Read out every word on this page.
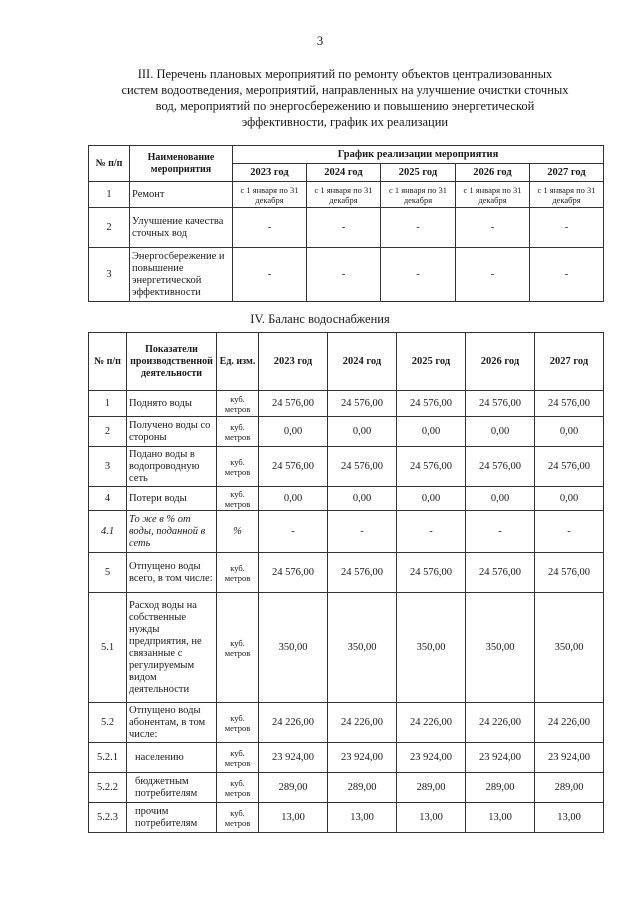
3
III. Перечень плановых мероприятий по ремонту объектов централизованных
систем водоотведения, мероприятий, направленных на улучшение очистки сточных
вод, мероприятий по энергосбережению и повышению энергетической
эффективности, график их реализации
№ п/п	Наименование мероприятия	График реализации мероприятия				
		2023 год	2024 год	2025 год	2026 год	2027 год
1	Ремонт	с 1 января по 31 декабря	с 1 января по 31 декабря	с 1 января по 31 декабря	с 1 января по 31 декабря	с 1 января по 31 декабря
2	Улучшение качества сточных вод	-	-	-	-	-
3	Энергосбережение и повышение энергетической эффективности	-	-	-	-	-
IV. Баланс водоснабжения
№ п/п	Показатели производственной деятельности	Ед. изм.	2023 год	2024 год	2025 год	2026 год	2027 год
1	Поднято воды	куб. метров	24 576,00	24 576,00	24 576,00	24 576,00	24 576,00
2	Получено воды со стороны	куб. метров	0,00	0,00	0,00	0,00	0,00
3	Подано воды в водопроводную сеть	куб. метров	24 576,00	24 576,00	24 576,00	24 576,00	24 576,00
4	Потери воды	куб. метров	0,00	0,00	0,00	0,00	0,00
4.1	То же в % от воды, поданной в сеть	%	-	-	-	-	-
5	Отпущено воды всего, в том числе:	куб. метров	24 576,00	24 576,00	24 576,00	24 576,00	24 576,00
5.1	Расход воды на собственные нужды предприятия, не связанные с регулируемым видом деятельности	куб. метров	350,00	350,00	350,00	350,00	350,00
5.2	Отпущено воды абонентам, в том числе:	куб. метров	24 226,00	24 226,00	24 226,00	24 226,00	24 226,00
5.2.1	населению	куб. метров	23 924,00	23 924,00	23 924,00	23 924,00	23 924,00
5.2.2	бюджетным потребителям	куб. метров	289,00	289,00	289,00	289,00	289,00
5.2.3	прочим потребителям	куб. метров	13,00	13,00	13,00	13,00	13,00
